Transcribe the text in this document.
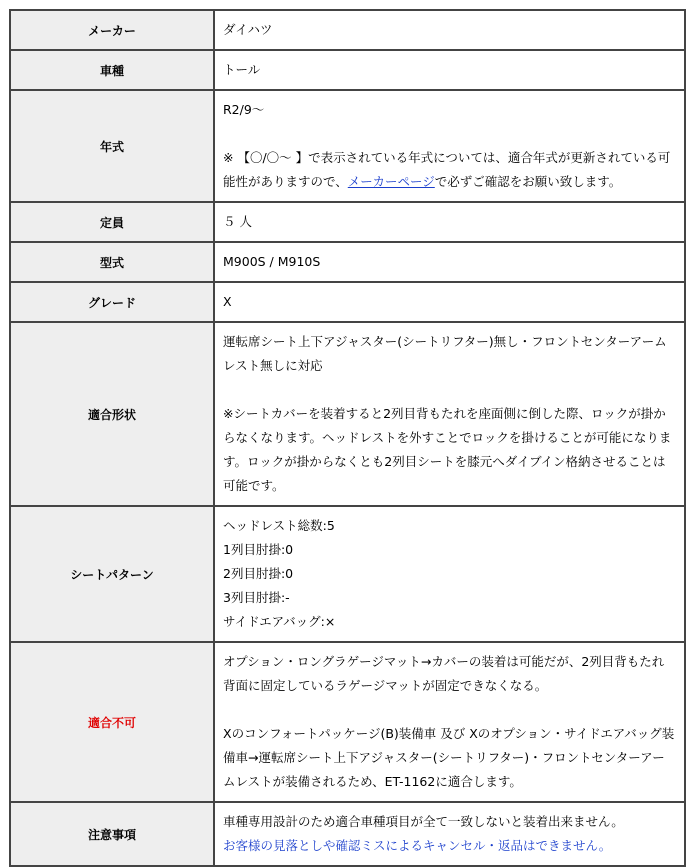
メーカー	ダイハツ
車種	トール
年式	R2/9～
※ 【〇/〇～ 】で表示されている年式については、適合年式が更新されている可能性がありますので、メーカーページで必ずご確認をお願い致します。

定員	５ 人
型式	M900S / M910S
グレード	X
適合形状	運転席シート上下アジャスター(シートリフター)無し・フロントセンターアームレスト無しに対応
※シートカバーを装着すると2列目背もたれを座面側に倒した際、ロックが掛からなくなります。ヘッドレストを外すことでロックを掛けることが可能になります。ロックが掛からなくとも2列目シートを膝元へダイブイン格納させることは可能です。

シートパターン	ヘッドレスト総数:5
1列目肘掛:0
2列目肘掛:0
3列目肘掛:-
サイドエアバッグ:×

適合不可	オプション・ロングラゲージマット→カバーの装着は可能だが、2列目背もたれ背面に固定しているラゲージマットが固定できなくなる。
Xのコンフォートパッケージ(B)装備車 及び Xのオプション・サイドエアバッグ装備車→運転席シート上下アジャスター(シートリフター)・フロントセンターアームレストが装備されるため、ET-1162に適合します。

注意事項	車種専用設計のため適合車種項目が全て一致しないと装着出来ません。
お客様の見落としや確認ミスによるキャンセル・返品はできません。
